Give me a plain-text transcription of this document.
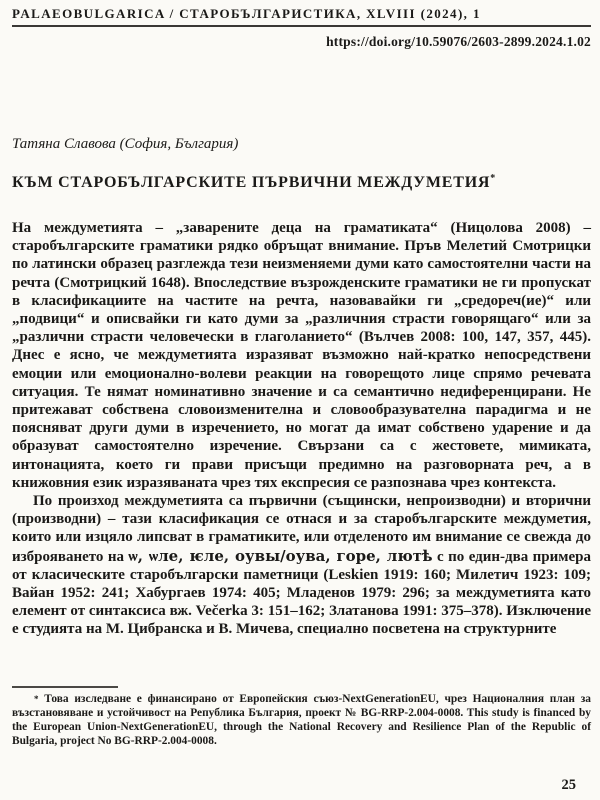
PALAEOBULGARICA / СТАРОБЪЛГАРИСТИКА, XLVIII (2024), 1
https://doi.org/10.59076/2603-2899.2024.1.02
Татяна Славова (София, България)
КЪМ СТАРОБЪЛГАРСКИТЕ ПЪРВИЧНИ МЕЖДУМЕТИЯ*

На междуметията – „заварените деца на граматиката“ (Ницолова 2008) – старобългарските граматики рядко обръщат внимание. Пръв Мелетий Смотрицки по латински образец разглежда тези неизменяеми думи като самостоятелни части на речта (Смотрицкий 1648). Впоследствие възрожденските граматики не ги пропускат в класификациите на частите на речта, назовавайки ги „средореч(ие)“ или „подвици“ и описвайки ги като думи за „различния страсти говорящаго“ или за „различни страсти человечески в глаголанието“ (Вълчев 2008: 100, 147, 357, 445). Днес е ясно, че междуметията изразяват възможно най-кратко непосредствени емоции или емоционално-волеви реакции на говорещото лице спрямо речевата ситуация. Те нямат номинативно значение и са семантично недиференцирани. Не притежават собствена словоизменителна и словообразувателна парадигма и не поясняват други думи в изречението, но могат да имат собствено ударение и да образуват самостоятелно изречение. Свързани са с жестовете, мимиката, интонацията, което ги прави присъщи предимно на разговорната реч, а в книжовния език изразяваната чрез тях експресия се разпознава чрез контекста.

По произход междуметията са първични (същински, непроизводни) и вторични (производни) – тази класификация се отнася и за старобългарските междуметия, които или изцяло липсват в граматиките, или отделеното им внимание се свежда до изброяването на ѡ, ѡле, ѥле, оувы/оува, горе, лютѣ с по един-два примера от класическите старобългарски паметници (Leskien 1919: 160; Милетич 1923: 109; Вайан 1952: 241; Хабургаев 1974: 405; Младенов 1979: 296; за междуметията като елемент от синтаксиса вж. Večerka 3: 151–162; Златанова 1991: 375–378). Изключение е студията на М. Цибранска и В. Мичева, специално посветена на структурните

* Това изследване е финансирано от Европейския съюз-NextGenerationEU, чрез Националния план за възстановяване и устойчивост на Република България, проект № BG-RRP-2.004-0008. This study is financed by the European Union-NextGenerationEU, through the National Recovery and Resilience Plan of the Republic of Bulgaria, project No BG-RRP-2.004-0008.

25
